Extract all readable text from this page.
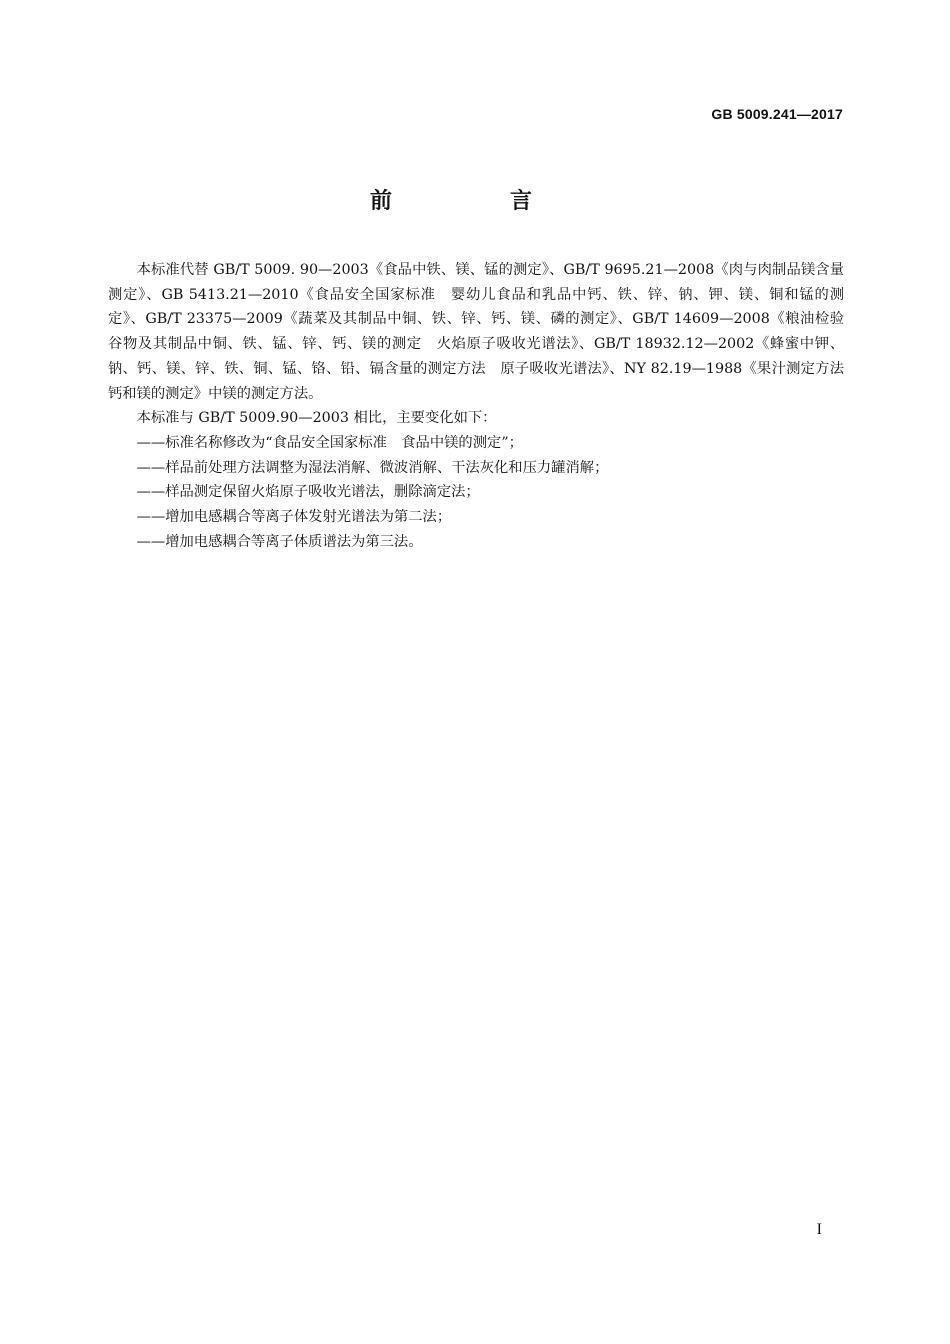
GB 5009.241—2017
前　言

本标准代替 GB/T 5009. 90—2003《食品中铁、镁、锰的测定》、GB/T 9695.21—2008《肉与肉制品镁含量测定》、GB 5413.21—2010《食品安全国家标准　婴幼儿食品和乳品中钙、铁、锌、钠、钾、镁、铜和锰的测定》、GB/T 23375—2009《蔬菜及其制品中铜、铁、锌、钙、镁、磷的测定》、GB/T 14609—2008《粮油检验　谷物及其制品中铜、铁、锰、锌、钙、镁的测定　火焰原子吸收光谱法》、GB/T 18932.12—2002《蜂蜜中钾、钠、钙、镁、锌、铁、铜、锰、铬、铅、镉含量的测定方法　原子吸收光谱法》、NY 82.19—1988《果汁测定方法　钙和镁的测定》中镁的测定方法。

本标准与 GB/T 5009.90—2003 相比，主要变化如下：

——标准名称修改为“食品安全国家标准　食品中镁的测定”；

——样品前处理方法调整为湿法消解、微波消解、干法灰化和压力罐消解；

——样品测定保留火焰原子吸收光谱法，删除滴定法；

——增加电感耦合等离子体发射光谱法为第二法；

——增加电感耦合等离子体质谱法为第三法。

I
